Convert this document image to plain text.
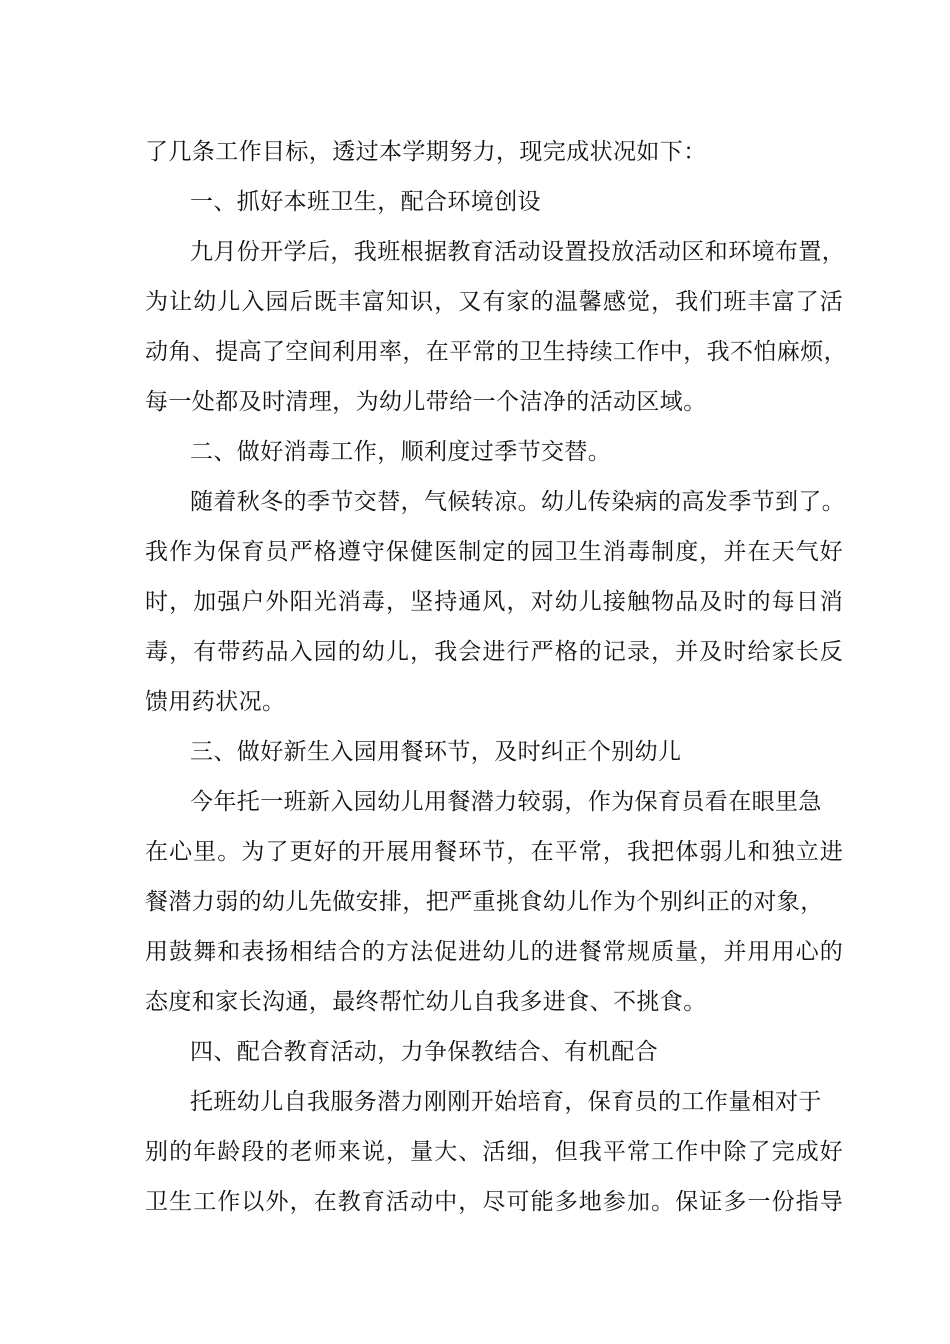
了几条工作目标，透过本学期努力，现完成状况如下：

一、抓好本班卫生，配合环境创设

九月份开学后，我班根据教育活动设置投放活动区和环境布置，

为让幼儿入园后既丰富知识，又有家的温馨感觉，我们班丰富了活

动角、提高了空间利用率，在平常的卫生持续工作中，我不怕麻烦，

每一处都及时清理，为幼儿带给一个洁净的活动区域。

二、做好消毒工作，顺利度过季节交替。

随着秋冬的季节交替，气候转凉。幼儿传染病的高发季节到了。

我作为保育员严格遵守保健医制定的园卫生消毒制度，并在天气好

时，加强户外阳光消毒，坚持通风，对幼儿接触物品及时的每日消

毒，有带药品入园的幼儿，我会进行严格的记录，并及时给家长反

馈用药状况。

三、做好新生入园用餐环节，及时纠正个别幼儿

今年托一班新入园幼儿用餐潜力较弱，作为保育员看在眼里急

在心里。为了更好的开展用餐环节，在平常，我把体弱儿和独立进

餐潜力弱的幼儿先做安排，把严重挑食幼儿作为个别纠正的对象，

用鼓舞和表扬相结合的方法促进幼儿的进餐常规质量，并用用心的

态度和家长沟通，最终帮忙幼儿自我多进食、不挑食。

四、配合教育活动，力争保教结合、有机配合

托班幼儿自我服务潜力刚刚开始培育，保育员的工作量相对于

别的年龄段的老师来说，量大、活细，但我平常工作中除了完成好

卫生工作以外，在教育活动中，尽可能多地参加。保证多一份指导
